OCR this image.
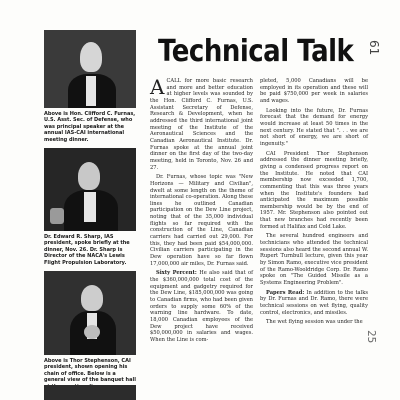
61
Above is Hon. Clifford C. Furnas, U.S. Asst. Sec. of Defense, who was principal speaker at the annual IAS-CAI international meeting dinner.
Dr. Edward R. Sharp, IAS president, spoke briefly at the dinner, Nov. 26. Dr. Sharp is Director of the NACA's Lewis Flight Propulsion Laboratory.
Above is Thor Stephenson, CAI president, shown opening his chain of office. Below is a general view of the banquet hall
Technical Talk

ACALL for more basic research and more and better education at higher levels was sounded by the Hon. Clifford C. Furnas, U.S. Assistant Secretary of Defense, Research & Development, when he addressed the third international joint meeting of the Institute of the Aeronautical Sciences and the Canadian Aeronautical Institute. Dr. Furnas spoke at the annual joint dinner on the first day of the two-day meeting, held in Toronto, Nov. 26 and 27.

Dr. Furnas, whose topic was "New Horizons — Military and Civilian", dwelt at some length on the theme of international co-operation. Along these lines he outlined Canadian participation on the Dew Line project, noting that of the 35,000 individual flights so far required with the construction of the Line, Canadian carriers had carried out 29,000. For this, they had been paid $54,000,000. Civilian carriers participating in the Dew operation have so far flown 17,000,000 air miles, Dr. Furnas said.

Sixty Percent: He also said that of the $360,000,000 total cost of the equipment and gadgetry required for the Dew Line, $185,000,000 was going to Canadian firms, who had been given orders to supply some 60% of the warning line hardware. To date, 18,000 Canadian employees of the Dew project have received $50,000,000 in salaries and wages. When the Line is com-

pleted, 5,000 Canadians will be employed in its operation and these will be paid $750,000 per week in salaries and wages.

Looking into the future, Dr. Furnas forecast that the demand for energy would increase at least 50 times in the next century. He stated that ". . . we are not short of energy, we are short of ingenuity."

CAI President Thor Stephenson addressed the dinner meeting briefly, giving a condensed progress report on the Institute. He noted that CAI membership now exceeded 1,700, commenting that this was three years when the Institute's founders had anticipated the maximum possible membership would be by the end of 1957. Mr. Stephenson also pointed out that new branches had recently been formed at Halifax and Cold Lake.

The several hundred engineers and technicians who attended the technical sessions also heard the second annual W. Rupert Turnbull lecture, given this year by Simon Ramo, executive vice president of the Ramo-Wooldridge Corp. Dr. Ramo spoke on "The Guided Missile as a Systems Engineering Problem".

Papers Read: In addition to the talks by Dr. Furnas and Dr. Ramo, there were technical sessions on wet flying, quality control, electronics, and missiles.

The wet flying session was under the

25
